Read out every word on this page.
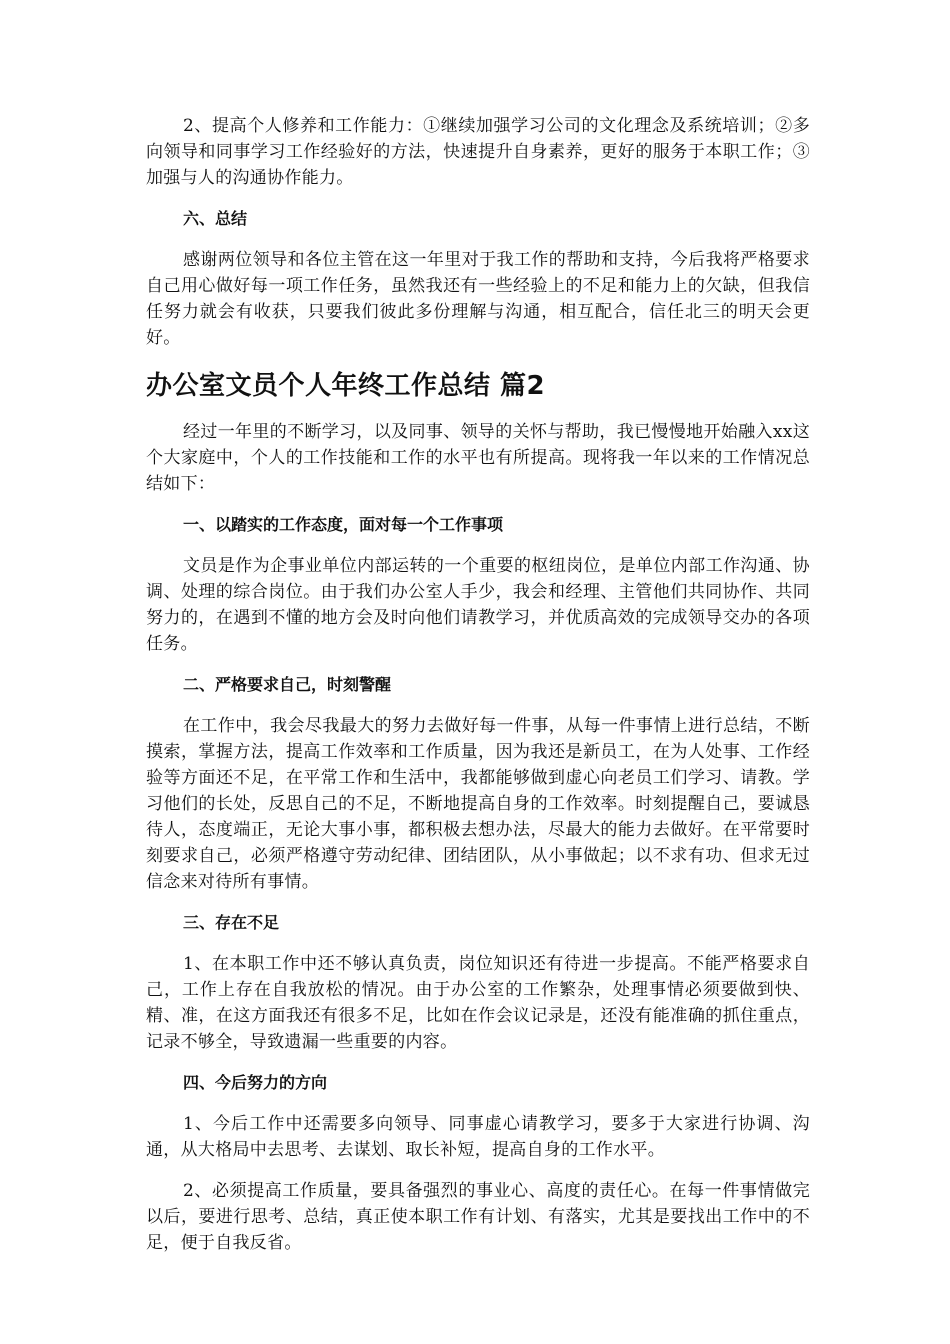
2、提高个人修养和工作能力：①继续加强学习公司的文化理念及系统培训；②多向领导和同事学习工作经验好的方法，快速提升自身素养，更好的服务于本职工作；③加强与人的沟通协作能力。

六、总结

感谢两位领导和各位主管在这一年里对于我工作的帮助和支持，今后我将严格要求自己用心做好每一项工作任务，虽然我还有一些经验上的不足和能力上的欠缺，但我信任努力就会有收获，只要我们彼此多份理解与沟通，相互配合，信任北三的明天会更好。

办公室文员个人年终工作总结 篇2

经过一年里的不断学习，以及同事、领导的关怀与帮助，我已慢慢地开始融入xx这个大家庭中，个人的工作技能和工作的水平也有所提高。现将我一年以来的工作情况总结如下：

一、以踏实的工作态度，面对每一个工作事项

文员是作为企事业单位内部运转的一个重要的枢纽岗位，是单位内部工作沟通、协调、处理的综合岗位。由于我们办公室人手少，我会和经理、主管他们共同协作、共同努力的，在遇到不懂的地方会及时向他们请教学习，并优质高效的完成领导交办的各项任务。

二、严格要求自己，时刻警醒

在工作中，我会尽我最大的努力去做好每一件事，从每一件事情上进行总结，不断摸索，掌握方法，提高工作效率和工作质量，因为我还是新员工，在为人处事、工作经验等方面还不足，在平常工作和生活中，我都能够做到虚心向老员工们学习、请教。学习他们的长处，反思自己的不足，不断地提高自身的工作效率。时刻提醒自己，要诚恳待人，态度端正，无论大事小事，都积极去想办法，尽最大的能力去做好。在平常要时刻要求自己，必须严格遵守劳动纪律、团结团队，从小事做起；以不求有功、但求无过信念来对待所有事情。

三、存在不足

1、在本职工作中还不够认真负责，岗位知识还有待进一步提高。不能严格要求自己，工作上存在自我放松的情况。由于办公室的工作繁杂，处理事情必须要做到快、精、准，在这方面我还有很多不足，比如在作会议记录是，还没有能准确的抓住重点，记录不够全，导致遗漏一些重要的内容。

四、今后努力的方向

1、今后工作中还需要多向领导、同事虚心请教学习，要多于大家进行协调、沟通，从大格局中去思考、去谋划、取长补短，提高自身的工作水平。

2、必须提高工作质量，要具备强烈的事业心、高度的责任心。在每一件事情做完以后，要进行思考、总结，真正使本职工作有计划、有落实，尤其是要找出工作中的不足，便于自我反省。
